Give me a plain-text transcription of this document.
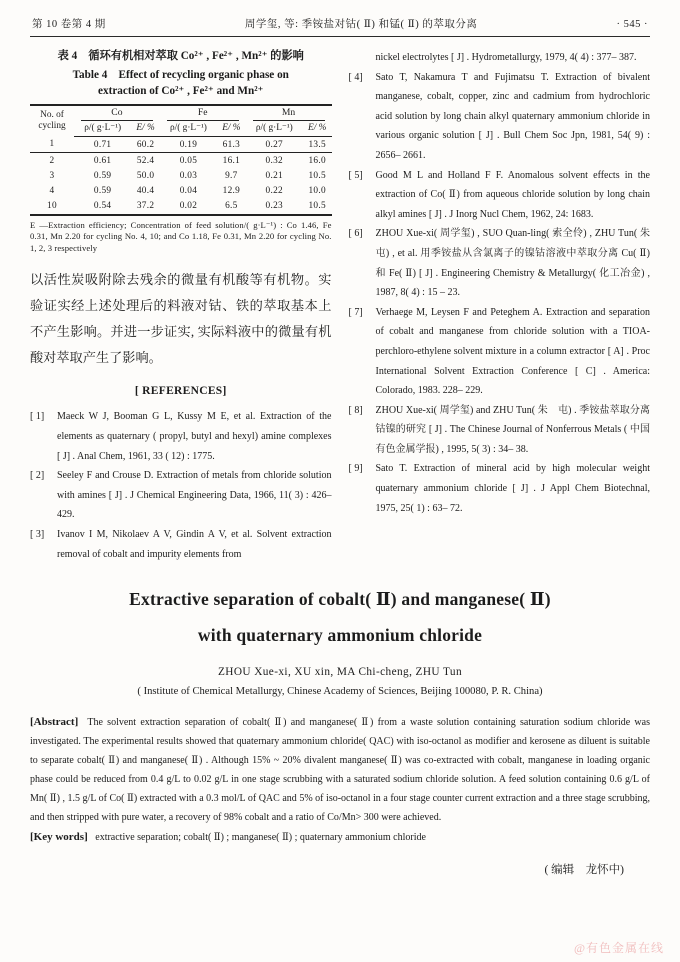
第 10 卷第 4 期	周学玺, 等: 季铵盐对钴( Ⅱ) 和锰( Ⅱ) 的萃取分离	· 545 ·
表 4　循环有机相对萃取 Co²⁺ , Fe²⁺ , Mn²⁺ 的影响
Table 4　Effect of recycling organic phase on
extraction of Co²⁺ , Fe²⁺ and Mn²⁺
No. of cycling	Co		Fe		Mn	

	ρ/( g·L⁻¹)	E/ %	ρ/( g·L⁻¹)	E/ %	ρ/( g·L⁻¹)	E/ %
1	0.71	60.2	0.19	61.3	0.27	13.5
2	0.61	52.4	0.05	16.1	0.32	16.0
3	0.59	50.0	0.03	9.7	0.21	10.5
4	0.59	40.4	0.04	12.9	0.22	10.0
10	0.54	37.2	0.02	6.5	0.23	10.5
E —Extraction efficiency; Concentration of feed solution/( g·L⁻¹) : Co 1.46, Fe 0.31, Mn 2.20 for cycling No. 4, 10; and Co 1.18, Fe 0.31, Mn 2.20 for cycling No. 1, 2, 3 respectively
以活性炭吸附除去残余的微量有机酸等有机物。实验证实经上述处理后的料液对钴、铁的萃取基本上不产生影响。并进一步证实, 实际料液中的微量有机酸对萃取产生了影响。
[ REFERENCES]
[ 1]	Maeck W J, Booman G L, Kussy M E, et al. Extraction of the elements as quaternary ( propyl, butyl and hexyl) amine complexes [ J] . Anal Chem, 1961, 33 ( 12) : 1775.
[ 2]	Seeley F and Crouse D. Extraction of metals from chloride solution with amines [ J] . J Chemical Engineering Data, 1966, 11( 3) : 426– 429.
[ 3]	Ivanov I M, Nikolaev A V, Gindin A V, et al. Solvent extraction removal of cobalt and impurity elements from
nickel electrolytes [ J] . Hydrometallurgy, 1979, 4( 4) : 377– 387.
[ 4]	Sato T, Nakamura T and Fujimatsu T. Extraction of bivalent manganese, cobalt, copper, zinc and cadmium from hydrochloric acid solution by long chain alkyl quaternary ammonium chloride in various organic solution [ J] . Bull Chem Soc Jpn, 1981, 54( 9) : 2656– 2661.
[ 5]	Good M L and Holland F F. Anomalous solvent effects in the extraction of Co( Ⅱ) from aqueous chloride solution by long chain alkyl amines [ J] . J Inorg Nucl Chem, 1962, 24: 1683.
[ 6]	ZHOU Xue-xi( 周学玺) , SUO Quan-ling( 索全伶) , ZHU Tun( 朱　屯) , et al. 用季铵盐从含氯离子的镍钴溶液中萃取分离 Cu( Ⅱ) 和 Fe( Ⅱ) [ J] . Engineering Chemistry & Metallurgy( 化工冶金) , 1987, 8( 4) : 15 – 23.
[ 7]	Verhaege M, Leysen F and Peteghem A. Extraction and separation of cobalt and manganese from chloride solution with a TIOA-perchloro-ethylene solvent mixture in a column extractor [ A] . Proc International Solvent Extraction Conference [ C] . America: Colorado, 1983. 228– 229.
[ 8]	ZHOU Xue-xi( 周学玺) and ZHU Tun( 朱　屯) . 季铵盐萃取分离钴镍的研究 [ J] . The Chinese Journal of Nonferrous Metals ( 中国有色金属学报) , 1995, 5( 3) : 34– 38.
[ 9]	Sato T. Extraction of mineral acid by high molecular weight quaternary ammonium chloride [ J] . J Appl Chem Biotechnal, 1975, 25( 1) : 63– 72.
Extractive separation of cobalt( Ⅱ) and manganese( Ⅱ)
with quaternary ammonium chloride
ZHOU Xue-xi, XU xin, MA Chi-cheng, ZHU Tun
( Institute of Chemical Metallurgy, Chinese Academy of Sciences, Beijing 100080, P. R. China)

[Abstract] The solvent extraction separation of cobalt( Ⅱ) and manganese( Ⅱ) from a waste solution containing saturation sodium chloride was investigated. The experimental results showed that quaternary ammonium chloride( QAC) with iso-octanol as modifier and kerosene as diluent is suitable to separate cobalt( Ⅱ) and manganese( Ⅱ) . Although 15% ~ 20% divalent manganese( Ⅱ) was co-extracted with cobalt, manganese in loading organic phase could be reduced from 0.4 g/L to 0.02 g/L in one stage scrubbing with a saturated sodium chloride solution. A feed solution containing 0.6 g/L of Mn( Ⅱ) , 1.5 g/L of Co( Ⅱ) extracted with a 0.3 mol/L of QAC and 5% of iso-octanol in a four stage counter current extraction and a three stage scrubbing, and then stripped with pure water, a recovery of 98% cobalt and a ratio of Co/Mn> 300 were achieved.

[Key words] extractive separation; cobalt( Ⅱ) ; manganese( Ⅱ) ; quaternary ammonium chloride

( 编辑　龙怀中)
@有色金属在线
